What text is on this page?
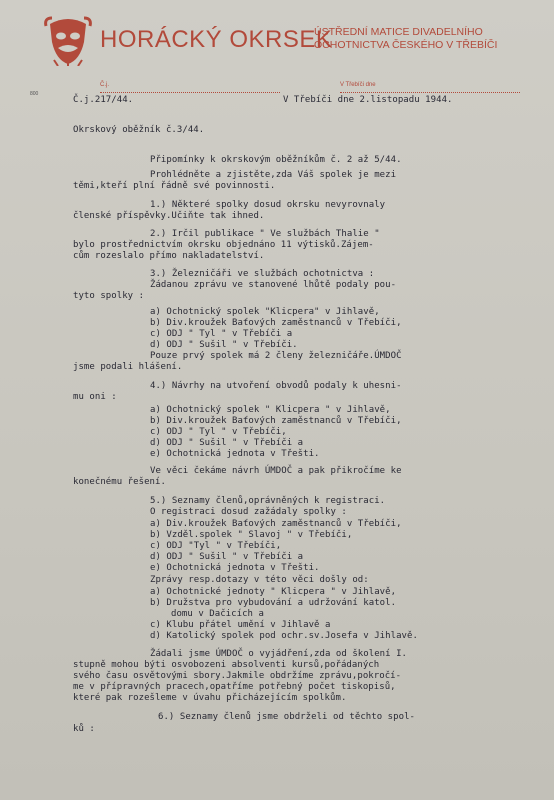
HORÁCKÝ OKRSEK
ÚSTŘEDNÍ MATICE DIVADELNÍHO
OCHOTNICTVA ČESKÉHO V TŘEBÍČI
Č.j.	V Třebíči dne
800

Č.j.217/44.	V Třebíči dne 2.listopadu 1944.

Okrskový oběžník č.3/44.

Připomínky k okrskovým oběžníkům č. 2 až 5/44.

Prohlédněte a zjistěte,zda Váš spolek je mezi

těmi,kteří plní řádně své povinnosti.

1.) Některé spolky dosud okrsku nevyrovnaly

členské příspěvky.Učiňte tak ihned.

2.) Irčil publikace " Ve službách Thalie "

bylo prostřednictvím okrsku objednáno 11 výtisků.Zájem-

cům rozeslalo přímo nakladatelství.

3.) Železničáři ve službách ochotnictva :

Žádanou zprávu ve stanovené lhůtě podaly pou-

tyto spolky :

a) Ochotnický spolek "Klicpera" v Jihlavě,

b) Div.kroužek Baťových zaměstnanců v Třebíči,

c) ODJ " Tyl " v Třebíči a

d) ODJ " Sušil " v Třebíči.

Pouze prvý spolek má 2 členy železničáře.ÚMDOČ

jsme podali hlášení.

4.) Návrhy na utvoření obvodů podaly k uhesni-

mu oni :

a) Ochotnický spolek " Klicpera " v Jihlavě,

b) Div.kroužek Baťových zaměstnanců v Třebíči,

c) ODJ " Tyl " v Třebíči,

d) ODJ " Sušil " v Třebíči a

e) Ochotnická jednota v Třešti.

Ve věci čekáme návrh ÚMDOČ a pak přikročíme ke

konečnému řešení.

5.) Seznamy členů,oprávněných k registraci.

O registraci dosud zažádaly spolky :

a) Div.kroužek Baťových zaměstnanců v Třebíči,

b) Vzděl.spolek " Slavoj " v Třebíči,

c) ODJ "Tyl " v Třebíči,

d) ODJ " Sušil " v Třebíči a

e) Ochotnická jednota v Třešti.

Zprávy resp.dotazy v této věci došly od:

a) Ochotnické jednoty " Klicpera " v Jihlavě,

b) Družstva pro vybudování a udržování katol.

domu v Dačicích a

c) Klubu přátel umění v Jihlavě a

d) Katolický spolek pod ochr.sv.Josefa v Jihlavě.

Žádali jsme ÚMDOČ o vyjádření,zda od školení I.

stupně mohou býti osvobozeni absolventi kursů,pořádaných

svého času osvětovými sbory.Jakmile obdržíme zprávu,pokročí-

me v přípravných pracech,opatříme potřebný počet tiskopisů,

které pak rozešleme v úvahu přicházejícím spolkům.

6.) Seznamy členů jsme obdrželi od těchto spol-

ků :
